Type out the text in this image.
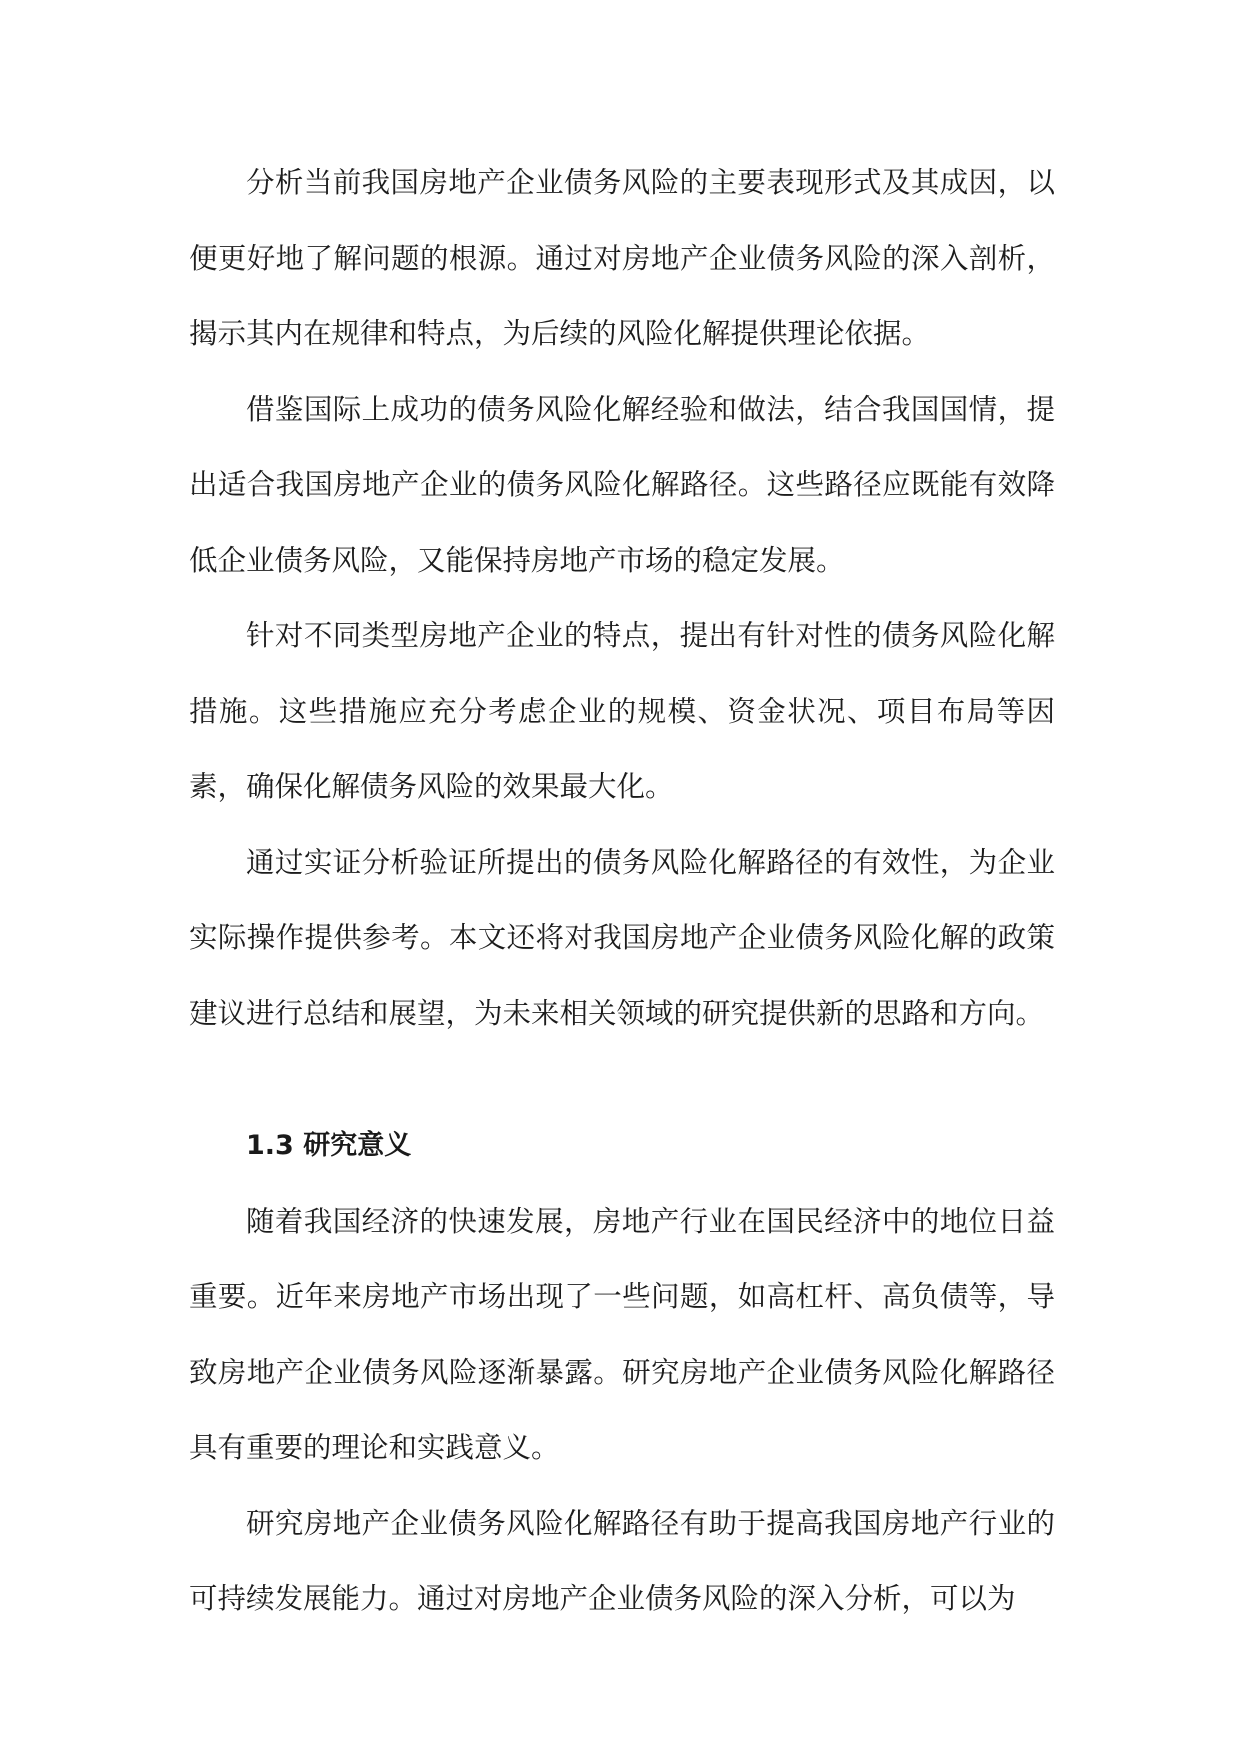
分析当前我国房地产企业债务风险的主要表现形式及其成因，以便更好地了解问题的根源。通过对房地产企业债务风险的深入剖析，揭示其内在规律和特点，为后续的风险化解提供理论依据。

借鉴国际上成功的债务风险化解经验和做法，结合我国国情，提出适合我国房地产企业的债务风险化解路径。这些路径应既能有效降低企业债务风险，又能保持房地产市场的稳定发展。

针对不同类型房地产企业的特点，提出有针对性的债务风险化解措施。这些措施应充分考虑企业的规模、资金状况、项目布局等因素，确保化解债务风险的效果最大化。

通过实证分析验证所提出的债务风险化解路径的有效性，为企业实际操作提供参考。本文还将对我国房地产企业债务风险化解的政策建议进行总结和展望，为未来相关领域的研究提供新的思路和方向。

1.3 研究意义

随着我国经济的快速发展，房地产行业在国民经济中的地位日益重要。近年来房地产市场出现了一些问题，如高杠杆、高负债等，导致房地产企业债务风险逐渐暴露。研究房地产企业债务风险化解路径具有重要的理论和实践意义。

研究房地产企业债务风险化解路径有助于提高我国房地产行业的可持续发展能力。通过对房地产企业债务风险的深入分析，可以为
